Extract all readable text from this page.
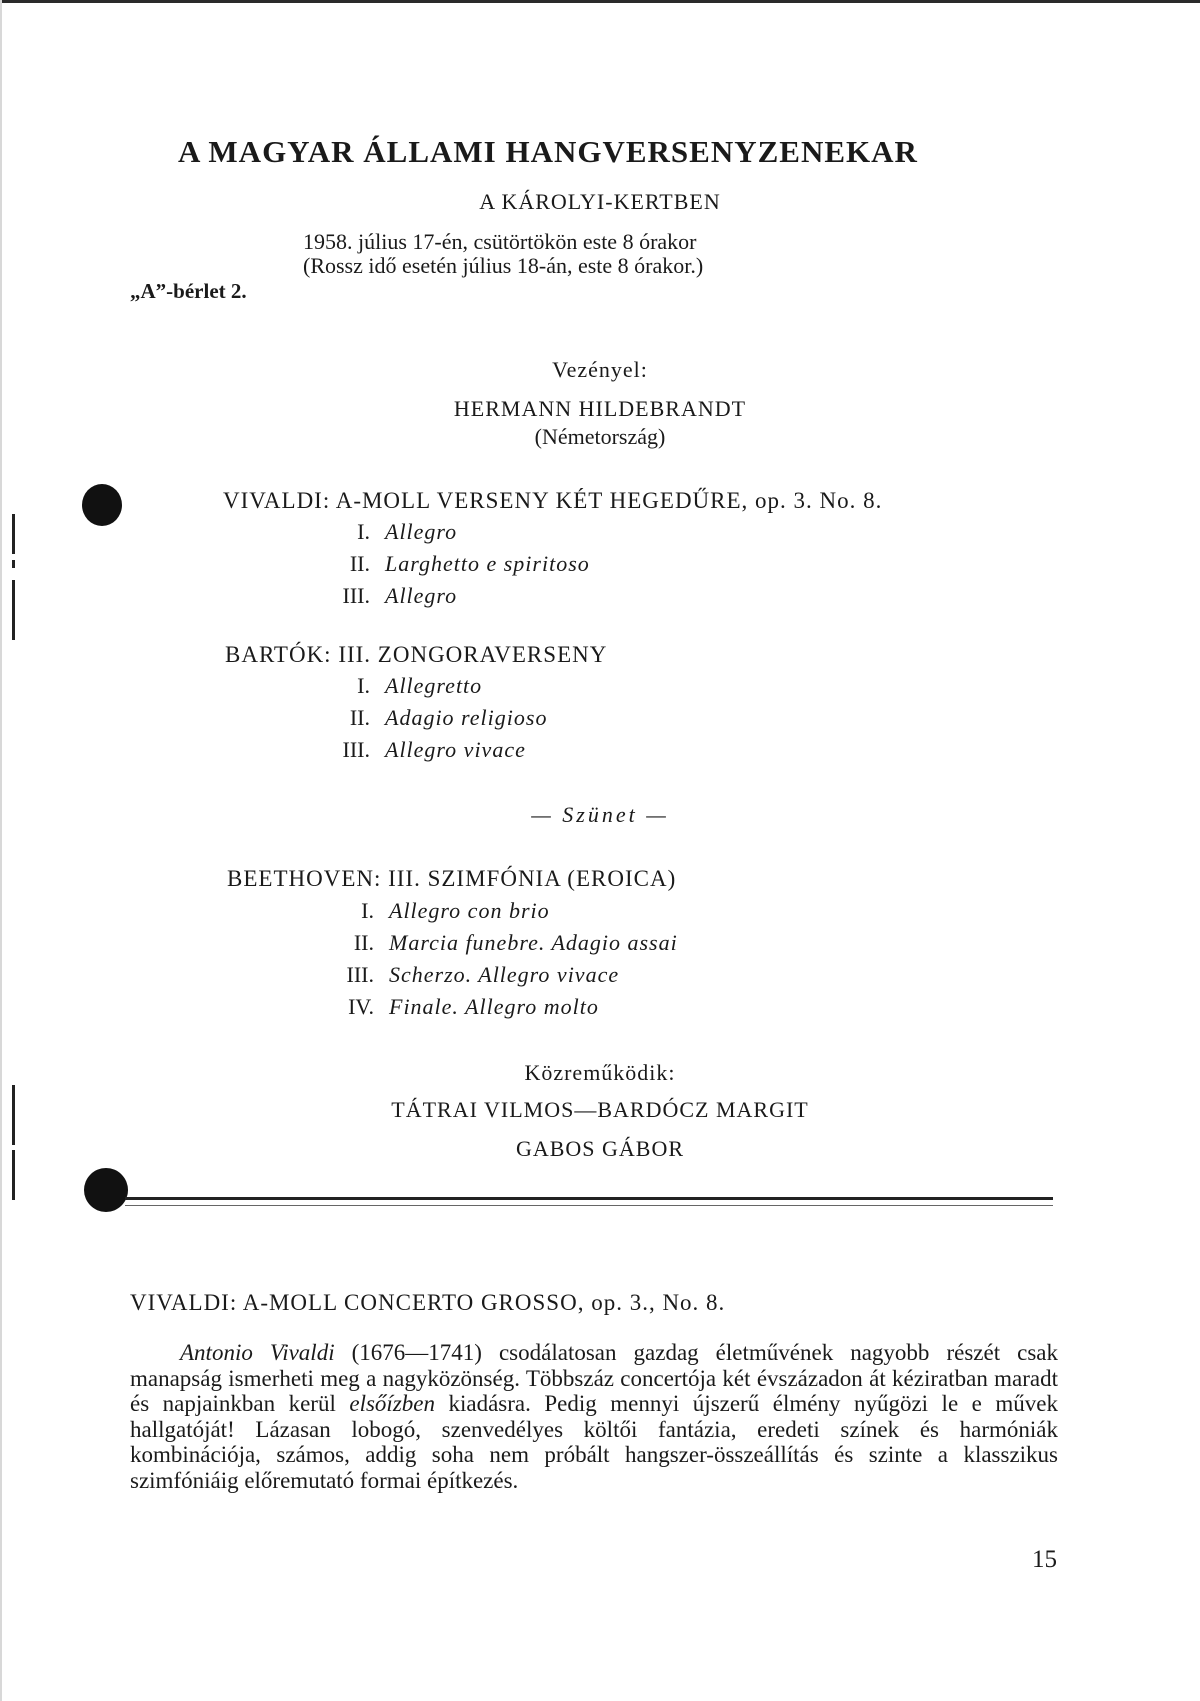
A MAGYAR ÁLLAMI HANGVERSENYZENEKAR
A KÁROLYI-KERTBEN
1958. július 17-én, csütörtökön este 8 órakor
(Rossz idő esetén július 18-án, este 8 órakor.)
„A”-bérlet 2.
Vezényel:
HERMANN HILDEBRANDT
(Németország)
VIVALDI: A-MOLL VERSENY KÉT HEGEDŰRE, op. 3. No. 8.
I. Allegro
II. Larghetto e spiritoso
III. Allegro
BARTÓK: III. ZONGORAVERSENY
I. Allegretto
II. Adagio religioso
III. Allegro vivace
— Szünet —
BEETHOVEN: III. SZIMFÓNIA (EROICA)
I. Allegro con brio
II. Marcia funebre. Adagio assai
III. Scherzo. Allegro vivace
IV. Finale. Allegro molto
Közreműködik:
TÁTRAI VILMOS—BARDÓCZ MARGIT
GABOS GÁBOR
VIVALDI: A-MOLL CONCERTO GROSSO, op. 3., No. 8.
Antonio Vivaldi (1676—1741) csodálatosan gazdag életművének nagyobb részét csak manapság ismerheti meg a nagyközönség. Többszáz concertója két évszázadon át kéziratban maradt és napjainkban kerül elsőízben kiadásra. Pedig mennyi újszerű élmény nyűgözi le e művek hallgatóját! Lázasan lobogó, szenvedélyes költői fantázia, eredeti színek és harmóniák kombinációja, számos, addig soha nem próbált hangszer-összeállítás és szinte a klasszikus szimfóniáig előremutató formai építkezés.
15
